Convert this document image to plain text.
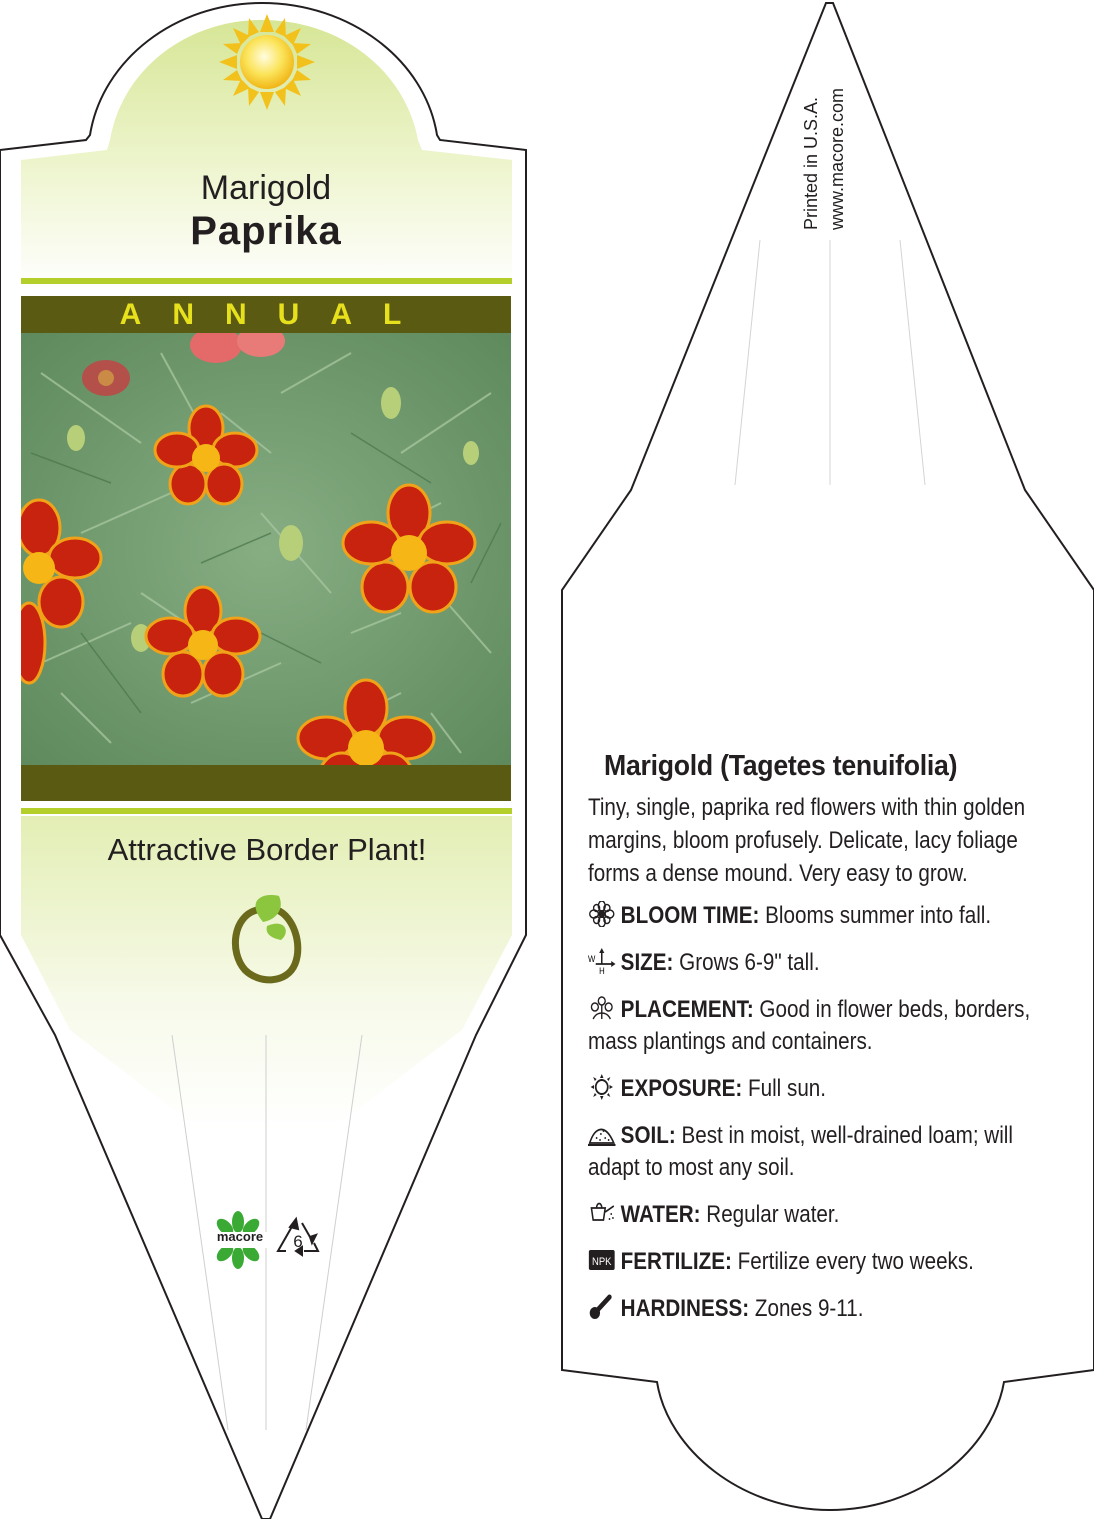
Marigold
Paprika
ANNUAL
Attractive Border Plant!
macore	6
Printed in U.S.A. www.macore.com
Marigold (Tagetes tenuifolia)
Tiny, single, paprika red flowers with thin golden margins, bloom profusely. Delicate, lacy foliage forms a dense mound. Very easy to grow.
BLOOM TIME: Blooms summer into fall.
W
H SIZE: Grows 6-9" tall.
PLACEMENT: Good in flower beds, borders, mass plantings and containers.
EXPOSURE: Full sun.
SOIL: Best in moist, well-drained loam; will adapt to most any soil.
WATER: Regular water.
NPK FERTILIZE: Fertilize every two weeks.
HARDINESS: Zones 9-11.
